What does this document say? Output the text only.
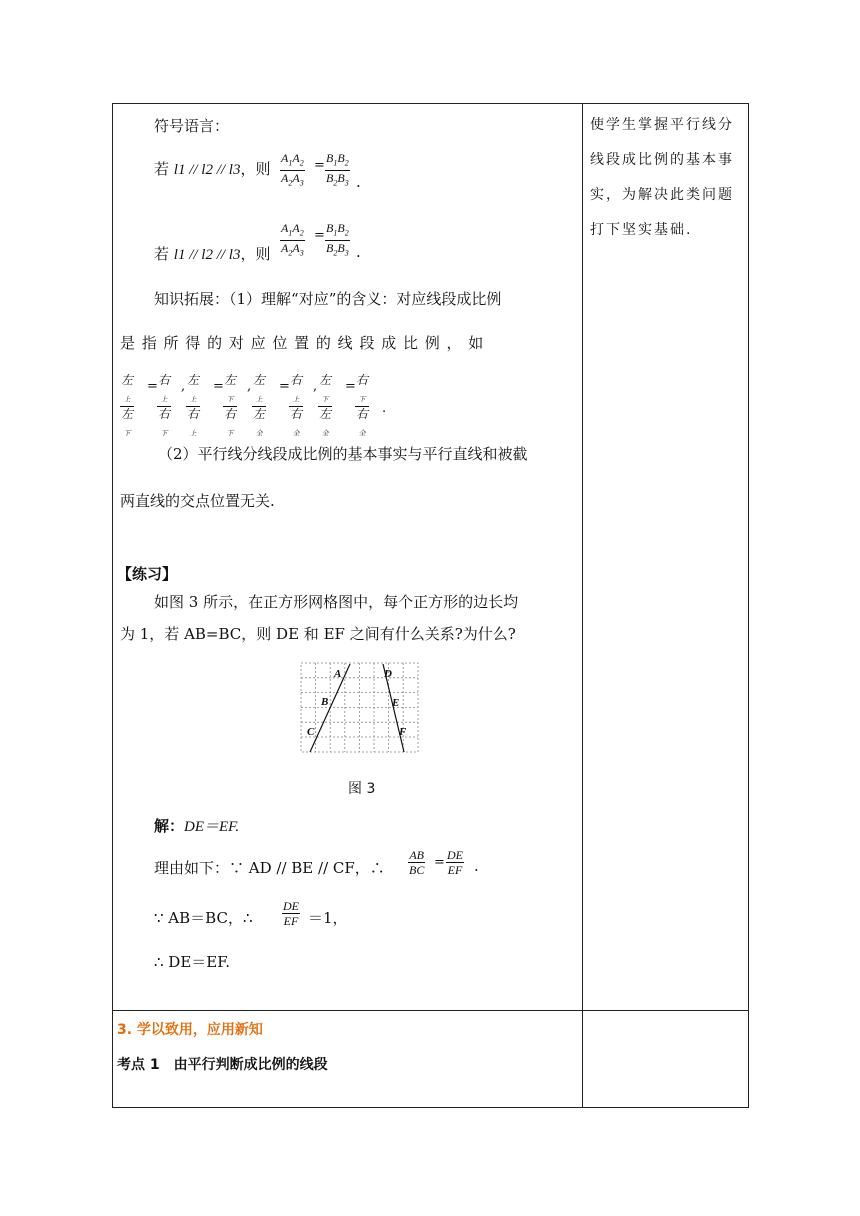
符号语言：
若 l1 // l2 // l3，则 $\frac{A_1A_2}{A_2A_3} = \frac{B_1B_2}{B_2B_3}$ .
若 l1 // l2 // l3，则 $\frac{A_1A_2}{A_2A_3} = \frac{B_1B_2}{B_2B_3}$ .
知识拓展：（1）理解“对应”的含义：对应线段成比例
是 指 所 得 的 对 应 位 置 的 线 段 成 比 例 ， 如
左$_上$
左$_下$
= 右$_上$
右$_下$
, 左$_上$
右$_上$
= 左$_下$
右$_下$
, 左$_上$
左$_全$
= 右$_上$
右$_全$
, 左$_下$
左$_全$
= 右$_下$
右$_全$
.
（2）平行线分线段成比例的基本事实与平行直线和被截
两直线的交点位置无关.
【练习】
如图 3 所示，在正方形网格图中，每个正方形的边长均
为 1，若 AB=BC，则 DE 和 EF 之间有什么关系?为什么?
A
B
C
D
E
F
图 3
解：DE＝EF.
理由如下：∵ AD // BE // CF，∴ $\frac{AB}{BC} = \frac{DE}{EF}$ .
∵ AB＝BC，∴ $\frac{DE}{EF} =1$，
∴ DE＝EF.
3. 学以致用，应用新知
考点 1　由平行判断成比例的线段
使学生掌握平行线分线段成比例的基本事实，为解决此类问题打下坚实基础.
